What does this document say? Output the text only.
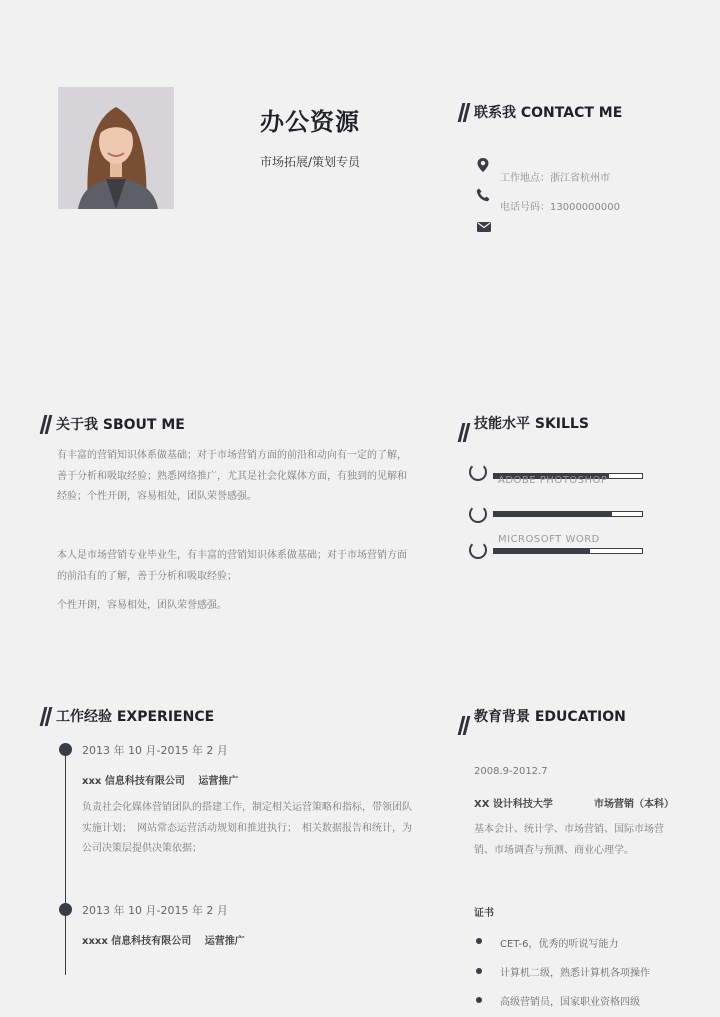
办公资源
市场拓展/策划专员
联系我 CONTACT ME
工作地点：浙江省杭州市
电话号码：13000000000
关于我 SBOUT ME
有丰富的营销知识体系做基础；对于市场营销方面的前沿和动向有一定的了解，善于分析和吸取经验；熟悉网络推广，尤其是社会化媒体方面，有独到的见解和经验；个性开朗，容易相处，团队荣誉感强。
本人是市场营销专业毕业生，有丰富的营销知识体系做基础；对于市场营销方面的前沿有的了解，善于分析和吸取经验；
个性开朗，容易相处，团队荣誉感强。
技能水平 SKILLS
ADOBE PHOTOSHOP
MICROSOFT WORD
工作经验 EXPERIENCE
2013 年 10 月-2015 年 2 月
xxx 信息科技有限公司　 运营推广
负责社会化媒体营销团队的搭建工作，制定相关运营策略和指标，带领团队实施计划；　网站常态运营活动规划和推进执行；　相关数据报告和统计，为公司决策层提供决策依据；
2013 年 10 月-2015 年 2 月
xxxx 信息科技有限公司　 运营推广
教育背景 EDUCATION
2008.9-2012.7
XX 设计科技大学	市场营销（本科）
基本会计、统计学、市场营销、国际市场营销、市场调查与预测、商业心理学。
证书
CET-6，优秀的听说写能力
计算机二级，熟悉计算机各项操作
高级营销员，国家职业资格四级
